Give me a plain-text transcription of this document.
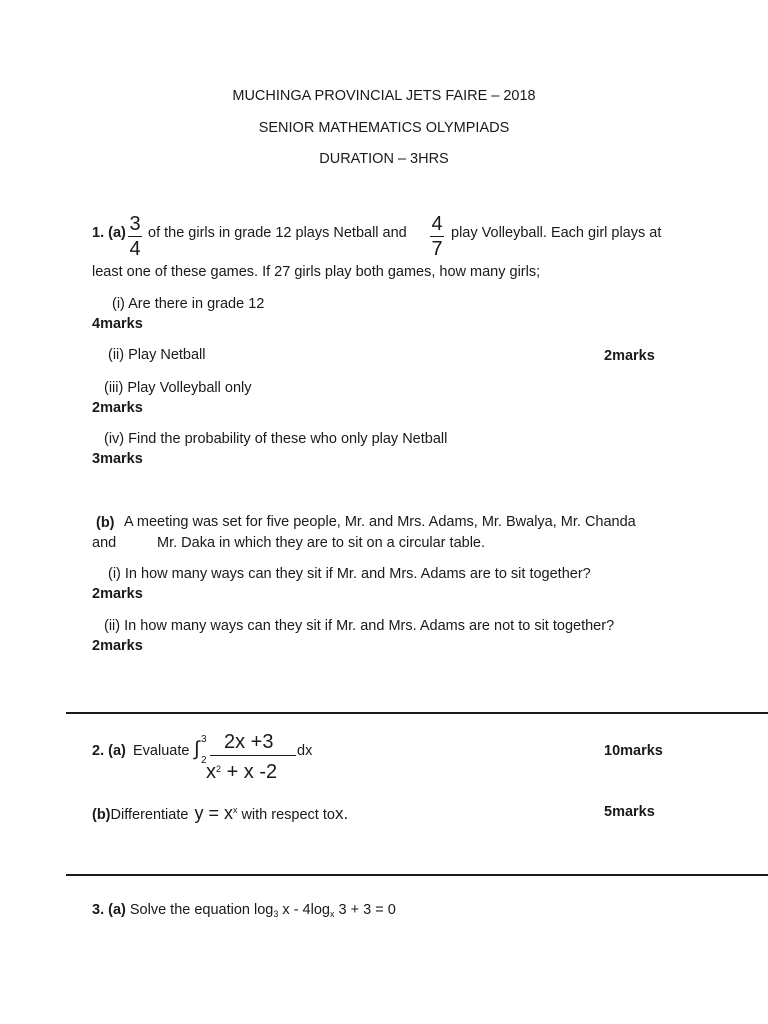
MUCHINGA PROVINCIAL JETS FAIRE – 2018
SENIOR MATHEMATICS OLYMPIADS
DURATION – 3HRS
1. (a) 3
4
of the girls in grade 12 plays Netball and 4
7
play Volleyball. Each girl plays at
least one of these games. If 27 girls play both games, how many girls;
(i) Are there in grade 12
4marks
(ii) Play Netball	2marks
(iii) Play Volleyball only
2marks
(iv) Find the probability of these who only play Netball
3marks
(b) A meeting was set for five people, Mr. and Mrs. Adams, Mr. Bwalya, Mr. Chanda
and	Mr. Daka in which they are to sit on a circular table.
(i) In how many ways can they sit if Mr. and Mrs. Adams are to sit together?
2marks
(ii) In how many ways can they sit if Mr. and Mrs. Adams are not to sit together?
2marks
2. (a) Evaluate ∫ 3
2
2x +3
$x^2 + x$ -2
dx	10marks
(b)Differentiate $y = x^x$ with respect tox.	5marks
3. (a) Solve the equation $\log_3 x - 4\log_x$ 3 + 3 = 0
